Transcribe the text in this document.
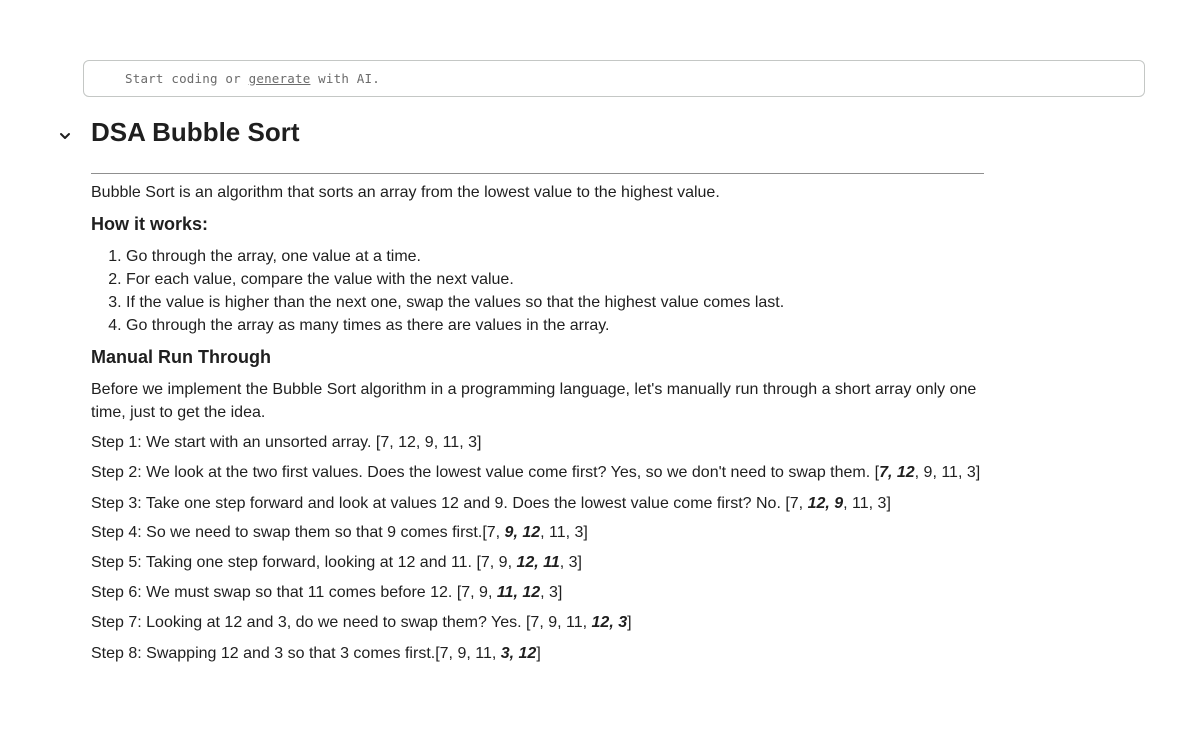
Start coding or generate with AI.
DSA Bubble Sort
Bubble Sort is an algorithm that sorts an array from the lowest value to the highest value.
How it works:
1. Go through the array, one value at a time.
2. For each value, compare the value with the next value.
3. If the value is higher than the next one, swap the values so that the highest value comes last.
4. Go through the array as many times as there are values in the array.
Manual Run Through
Before we implement the Bubble Sort algorithm in a programming language, let's manually run through a short array only one time, just to get the idea.
Step 1: We start with an unsorted array. [7, 12, 9, 11, 3]
Step 2: We look at the two first values. Does the lowest value come first? Yes, so we don't need to swap them. [7, 12, 9, 11, 3]
Step 3: Take one step forward and look at values 12 and 9. Does the lowest value come first? No. [7, 12, 9, 11, 3]
Step 4: So we need to swap them so that 9 comes first.[7, 9, 12, 11, 3]
Step 5: Taking one step forward, looking at 12 and 11. [7, 9, 12, 11, 3]
Step 6: We must swap so that 11 comes before 12. [7, 9, 11, 12, 3]
Step 7: Looking at 12 and 3, do we need to swap them? Yes. [7, 9, 11, 12, 3]
Step 8: Swapping 12 and 3 so that 3 comes first.[7, 9, 11, 3, 12]
